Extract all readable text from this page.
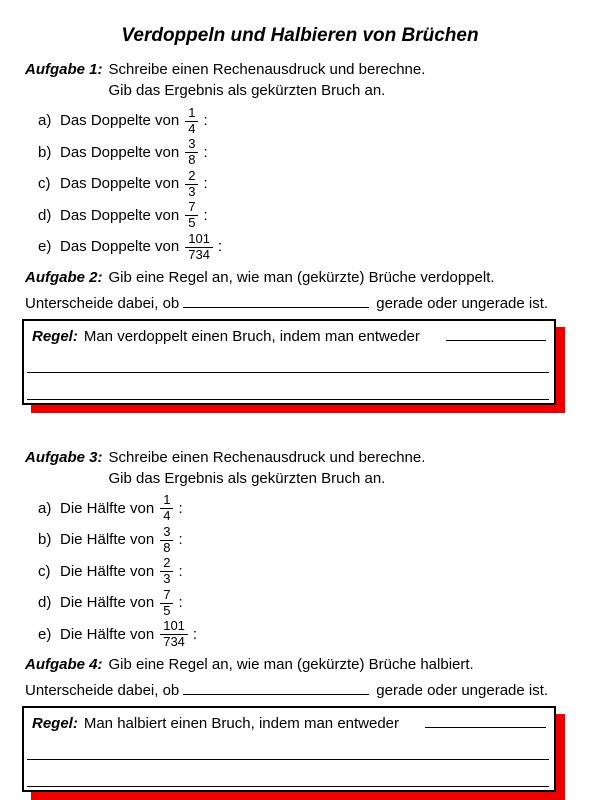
Verdoppeln und Halbieren von Brüchen
Aufgabe 1: Schreibe einen Rechenausdruck und berechne.
Gib das Ergebnis als gekürzten Bruch an.
a) Das Doppelte von $\frac{1}{4}$ :
b) Das Doppelte von $\frac{3}{8}$ :
c) Das Doppelte von $\frac{2}{3}$ :
d) Das Doppelte von $\frac{7}{5}$ :
e) Das Doppelte von $\frac{101}{734}$ :
Aufgabe 2: Gib eine Regel an, wie man (gekürzte) Brüche verdoppelt.
Unterscheide dabei, ob	gerade oder ungerade ist.
Regel: Man verdoppelt einen Bruch, indem man entweder
Aufgabe 3: Schreibe einen Rechenausdruck und berechne.
Gib das Ergebnis als gekürzten Bruch an.
a) Die Hälfte von $\frac{1}{4}$ :
b) Die Hälfte von $\frac{3}{8}$ :
c) Die Hälfte von $\frac{2}{3}$ :
d) Die Hälfte von $\frac{7}{5}$ :
e) Die Hälfte von $\frac{101}{734}$ :
Aufgabe 4: Gib eine Regel an, wie man (gekürzte) Brüche halbiert.
Unterscheide dabei, ob	gerade oder ungerade ist.
Regel: Man halbiert einen Bruch, indem man entweder
